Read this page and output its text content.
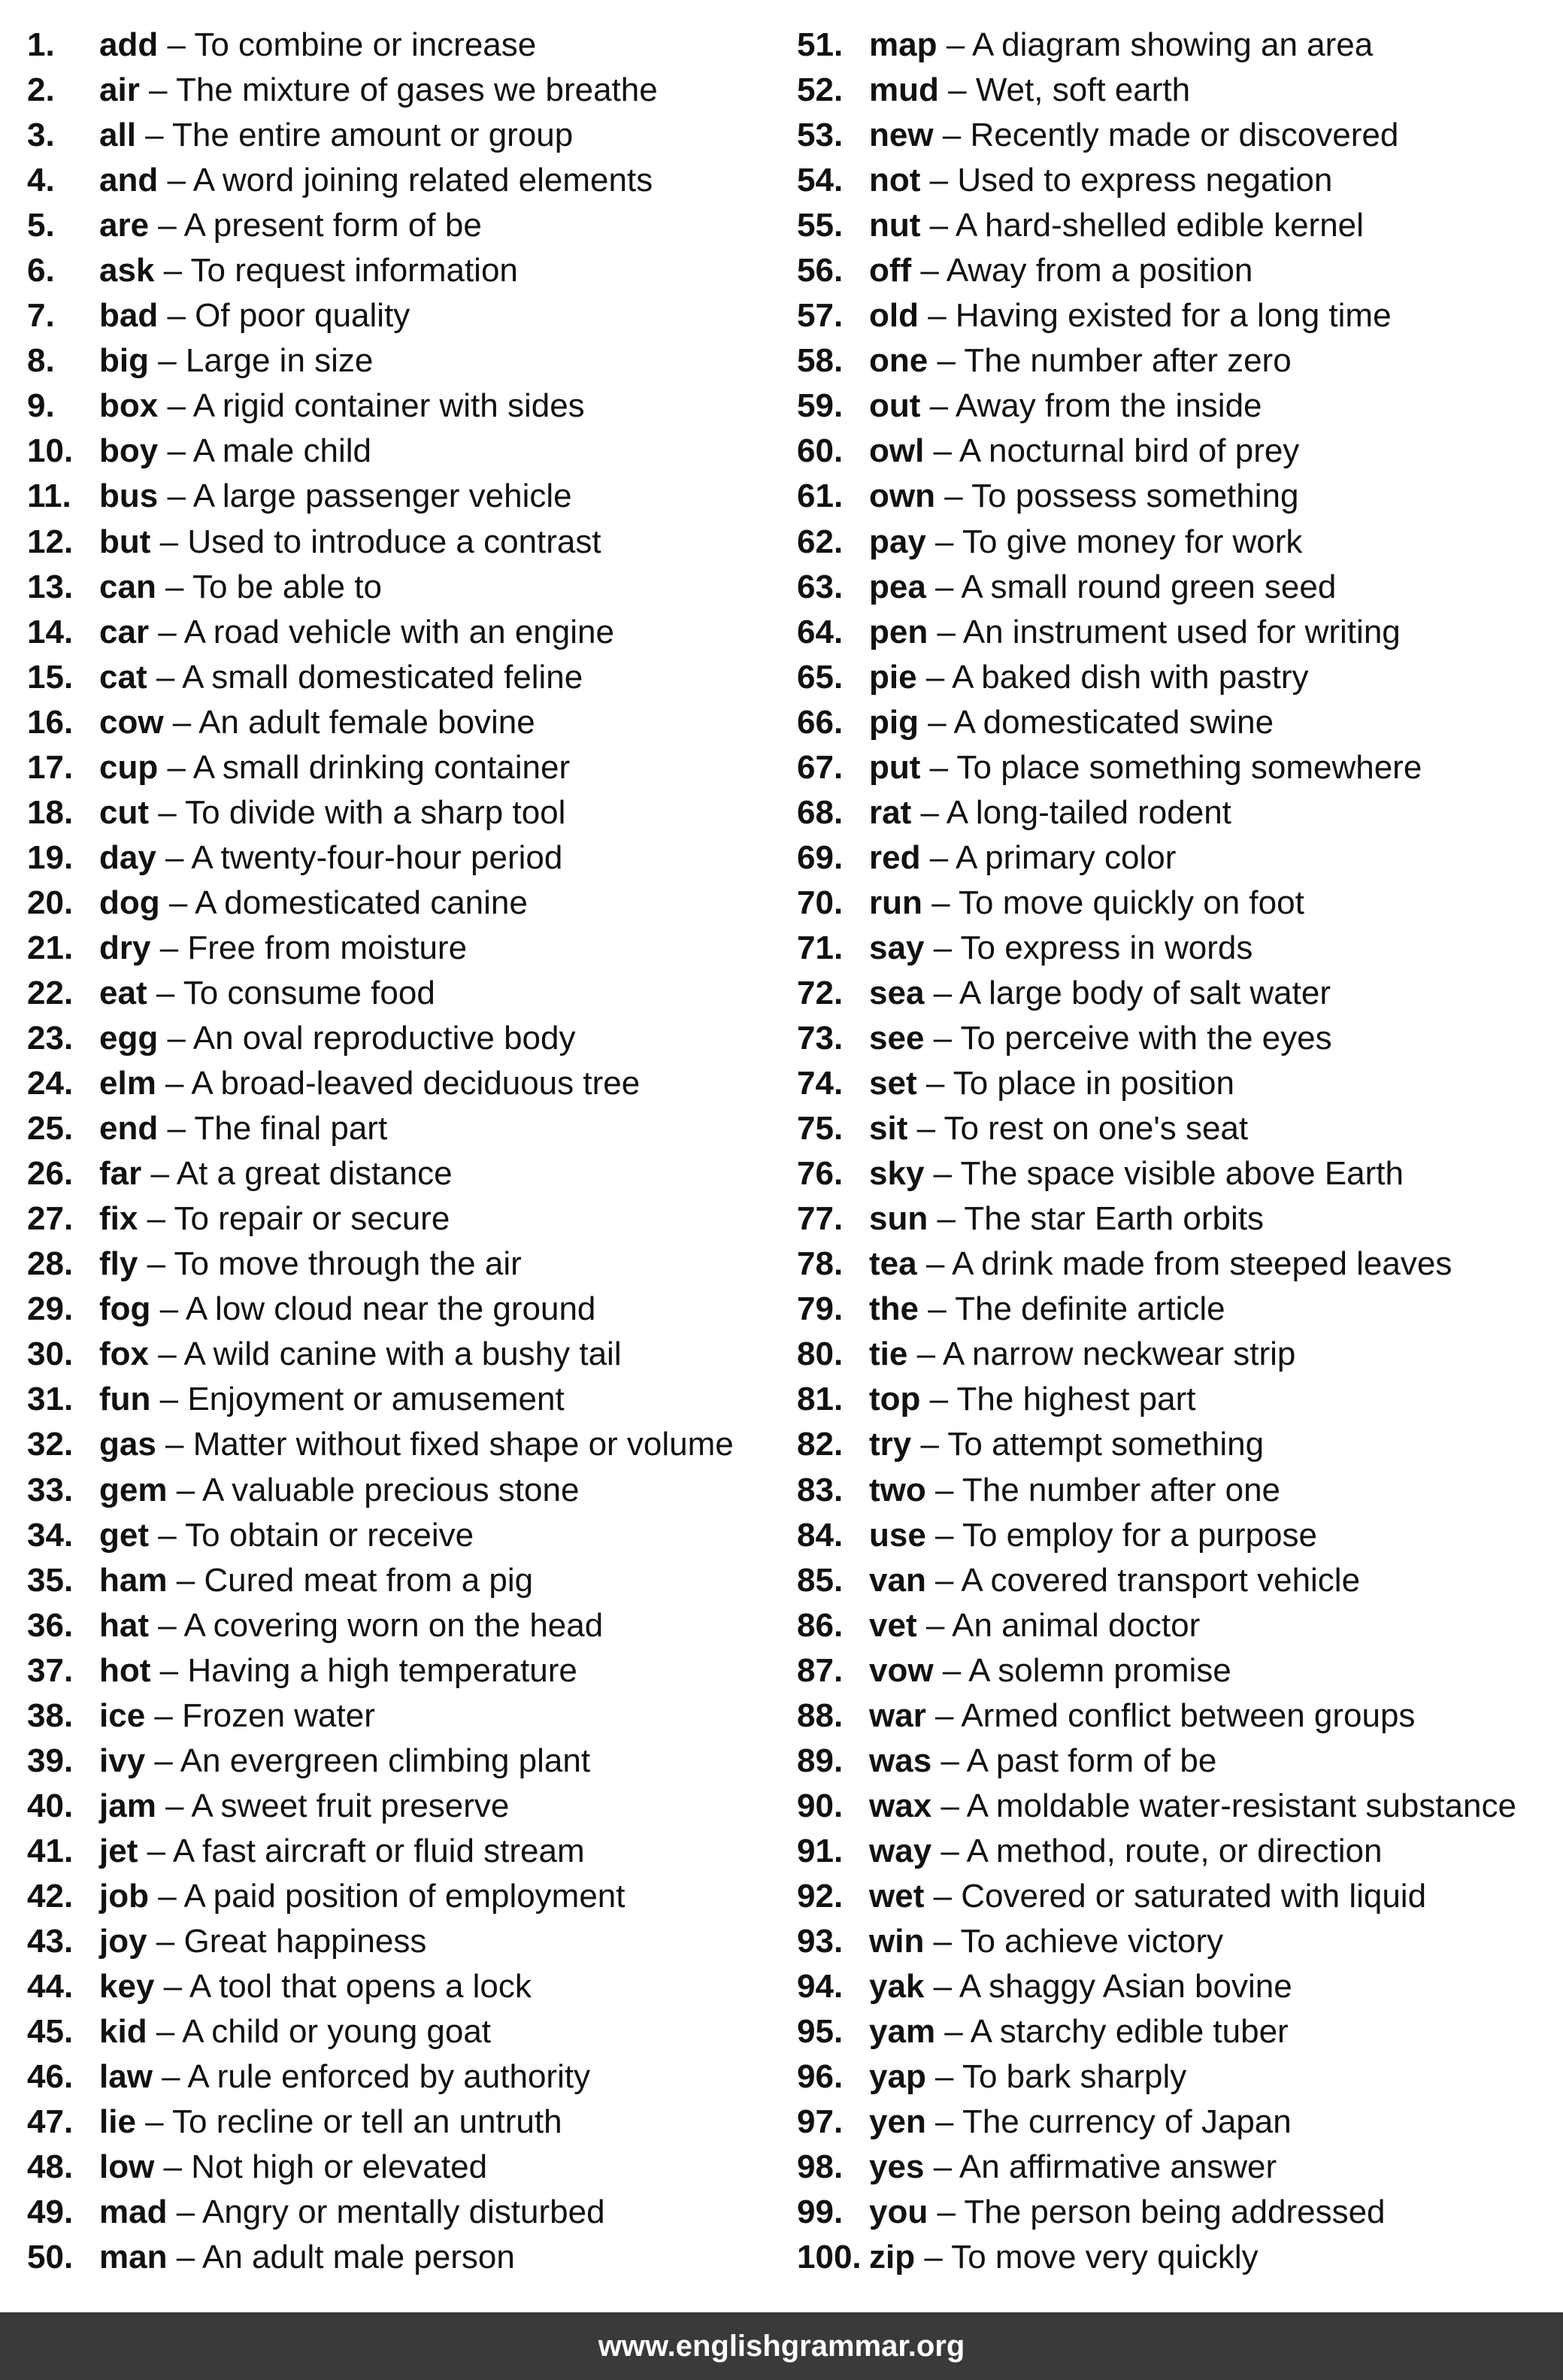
1. add – To combine or increase
2. air – The mixture of gases we breathe
3. all – The entire amount or group
4. and – A word joining related elements
5. are – A present form of be
6. ask – To request information
7. bad – Of poor quality
8. big – Large in size
9. box – A rigid container with sides
10. boy – A male child
11. bus – A large passenger vehicle
12. but – Used to introduce a contrast
13. can – To be able to
14. car – A road vehicle with an engine
15. cat – A small domesticated feline
16. cow – An adult female bovine
17. cup – A small drinking container
18. cut – To divide with a sharp tool
19. day – A twenty-four-hour period
20. dog – A domesticated canine
21. dry – Free from moisture
22. eat – To consume food
23. egg – An oval reproductive body
24. elm – A broad-leaved deciduous tree
25. end – The final part
26. far – At a great distance
27. fix – To repair or secure
28. fly – To move through the air
29. fog – A low cloud near the ground
30. fox – A wild canine with a bushy tail
31. fun – Enjoyment or amusement
32. gas – Matter without fixed shape or volume
33. gem – A valuable precious stone
34. get – To obtain or receive
35. ham – Cured meat from a pig
36. hat – A covering worn on the head
37. hot – Having a high temperature
38. ice – Frozen water
39. ivy – An evergreen climbing plant
40. jam – A sweet fruit preserve
41. jet – A fast aircraft or fluid stream
42. job – A paid position of employment
43. joy – Great happiness
44. key – A tool that opens a lock
45. kid – A child or young goat
46. law – A rule enforced by authority
47. lie – To recline or tell an untruth
48. low – Not high or elevated
49. mad – Angry or mentally disturbed
50. man – An adult male person
51. map – A diagram showing an area
52. mud – Wet, soft earth
53. new – Recently made or discovered
54. not – Used to express negation
55. nut – A hard-shelled edible kernel
56. off – Away from a position
57. old – Having existed for a long time
58. one – The number after zero
59. out – Away from the inside
60. owl – A nocturnal bird of prey
61. own – To possess something
62. pay – To give money for work
63. pea – A small round green seed
64. pen – An instrument used for writing
65. pie – A baked dish with pastry
66. pig – A domesticated swine
67. put – To place something somewhere
68. rat – A long-tailed rodent
69. red – A primary color
70. run – To move quickly on foot
71. say – To express in words
72. sea – A large body of salt water
73. see – To perceive with the eyes
74. set – To place in position
75. sit – To rest on one's seat
76. sky – The space visible above Earth
77. sun – The star Earth orbits
78. tea – A drink made from steeped leaves
79. the – The definite article
80. tie – A narrow neckwear strip
81. top – The highest part
82. try – To attempt something
83. two – The number after one
84. use – To employ for a purpose
85. van – A covered transport vehicle
86. vet – An animal doctor
87. vow – A solemn promise
88. war – Armed conflict between groups
89. was – A past form of be
90. wax – A moldable water-resistant substance
91. way – A method, route, or direction
92. wet – Covered or saturated with liquid
93. win – To achieve victory
94. yak – A shaggy Asian bovine
95. yam – A starchy edible tuber
96. yap – To bark sharply
97. yen – The currency of Japan
98. yes – An affirmative answer
99. you – The person being addressed
100. zip – To move very quickly
www.englishgrammar.org
